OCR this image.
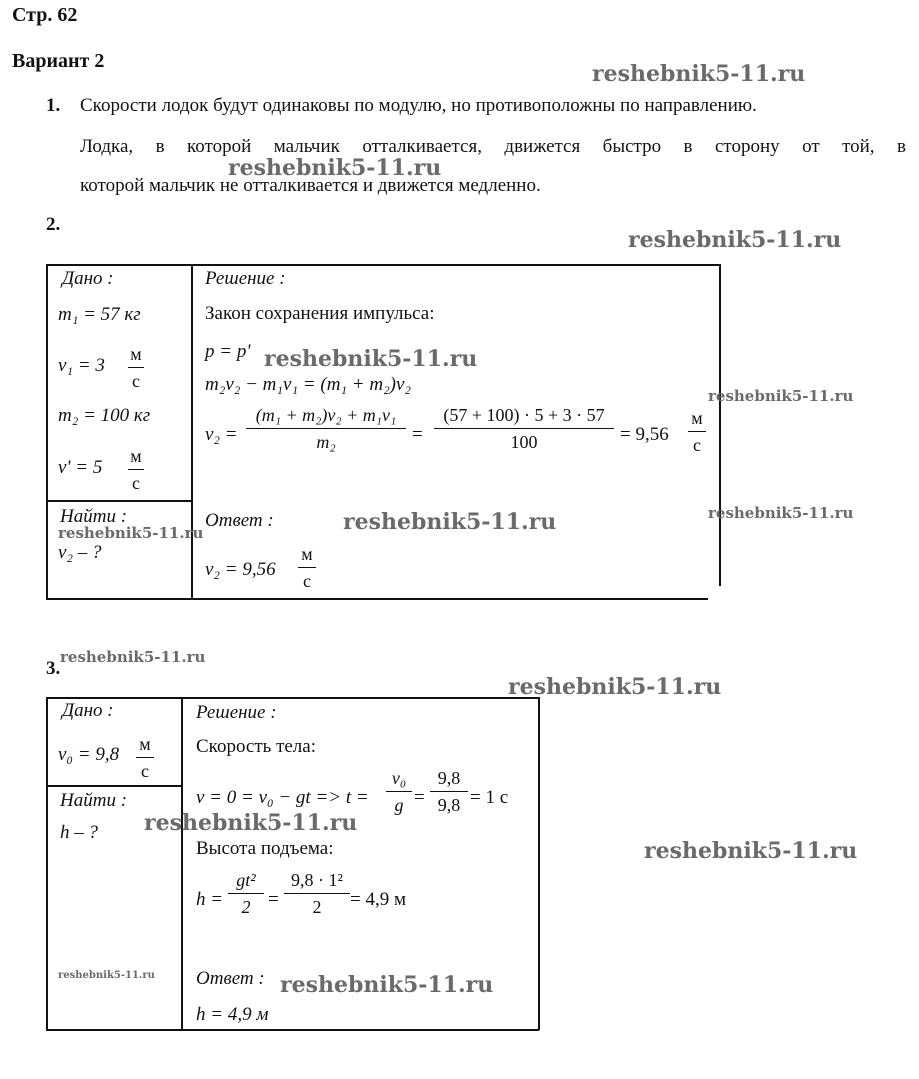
Стр. 62
Вариант 2
1. Скорости лодок будут одинаковы по модулю, но противоположны по направлению.
Лодка, в которой мальчик отталкивается, движется быстро в сторону от той, в
которой мальчик не отталкивается и движется медленно.
2.
Дано :
m₁ = 57 кг
v₁ = 3
м
с
m₂ = 100 кг
v' = 5
м
с
Найти :
v₂ – ?
Решение :
Закон сохранения импульса:
p = p'
m₂v₂ − m₁v₁ = (m₁ + m₂)v₂
v₂ =
(m₁ + m₂)v₂ + m₁v₁
m₂	=
(57 + 100) · 5 + 3 · 57
100	= 9,56
м
с
Ответ :
v₂ = 9,56
м
с
3.
Дано :
v₀ = 9,8 м
с
Найти :
h – ?
Решение :
Скорость тела:
v = 0 = v₀ − gt => t =
v₀
g =
9,8
9,8 = 1 с
Высота подъема:
h =
gt²
2 =
9,8 · 1²
2	= 4,9 м
Ответ :
h = 4,9 м
reshebnik5-11.ru
reshebnik5-11.ru
reshebnik5-11.ru
reshebnik5-11.ru
reshebnik5-11.ru
reshebnik5-11.ru	reshebnik5-11.ru
reshebnik5-11.ru
reshebnik5-11.ru
reshebnik5-11.ru
reshebnik5-11.ru
reshebnik5-11.ru
reshebnik5-11.ru	reshebnik5-11.ru
